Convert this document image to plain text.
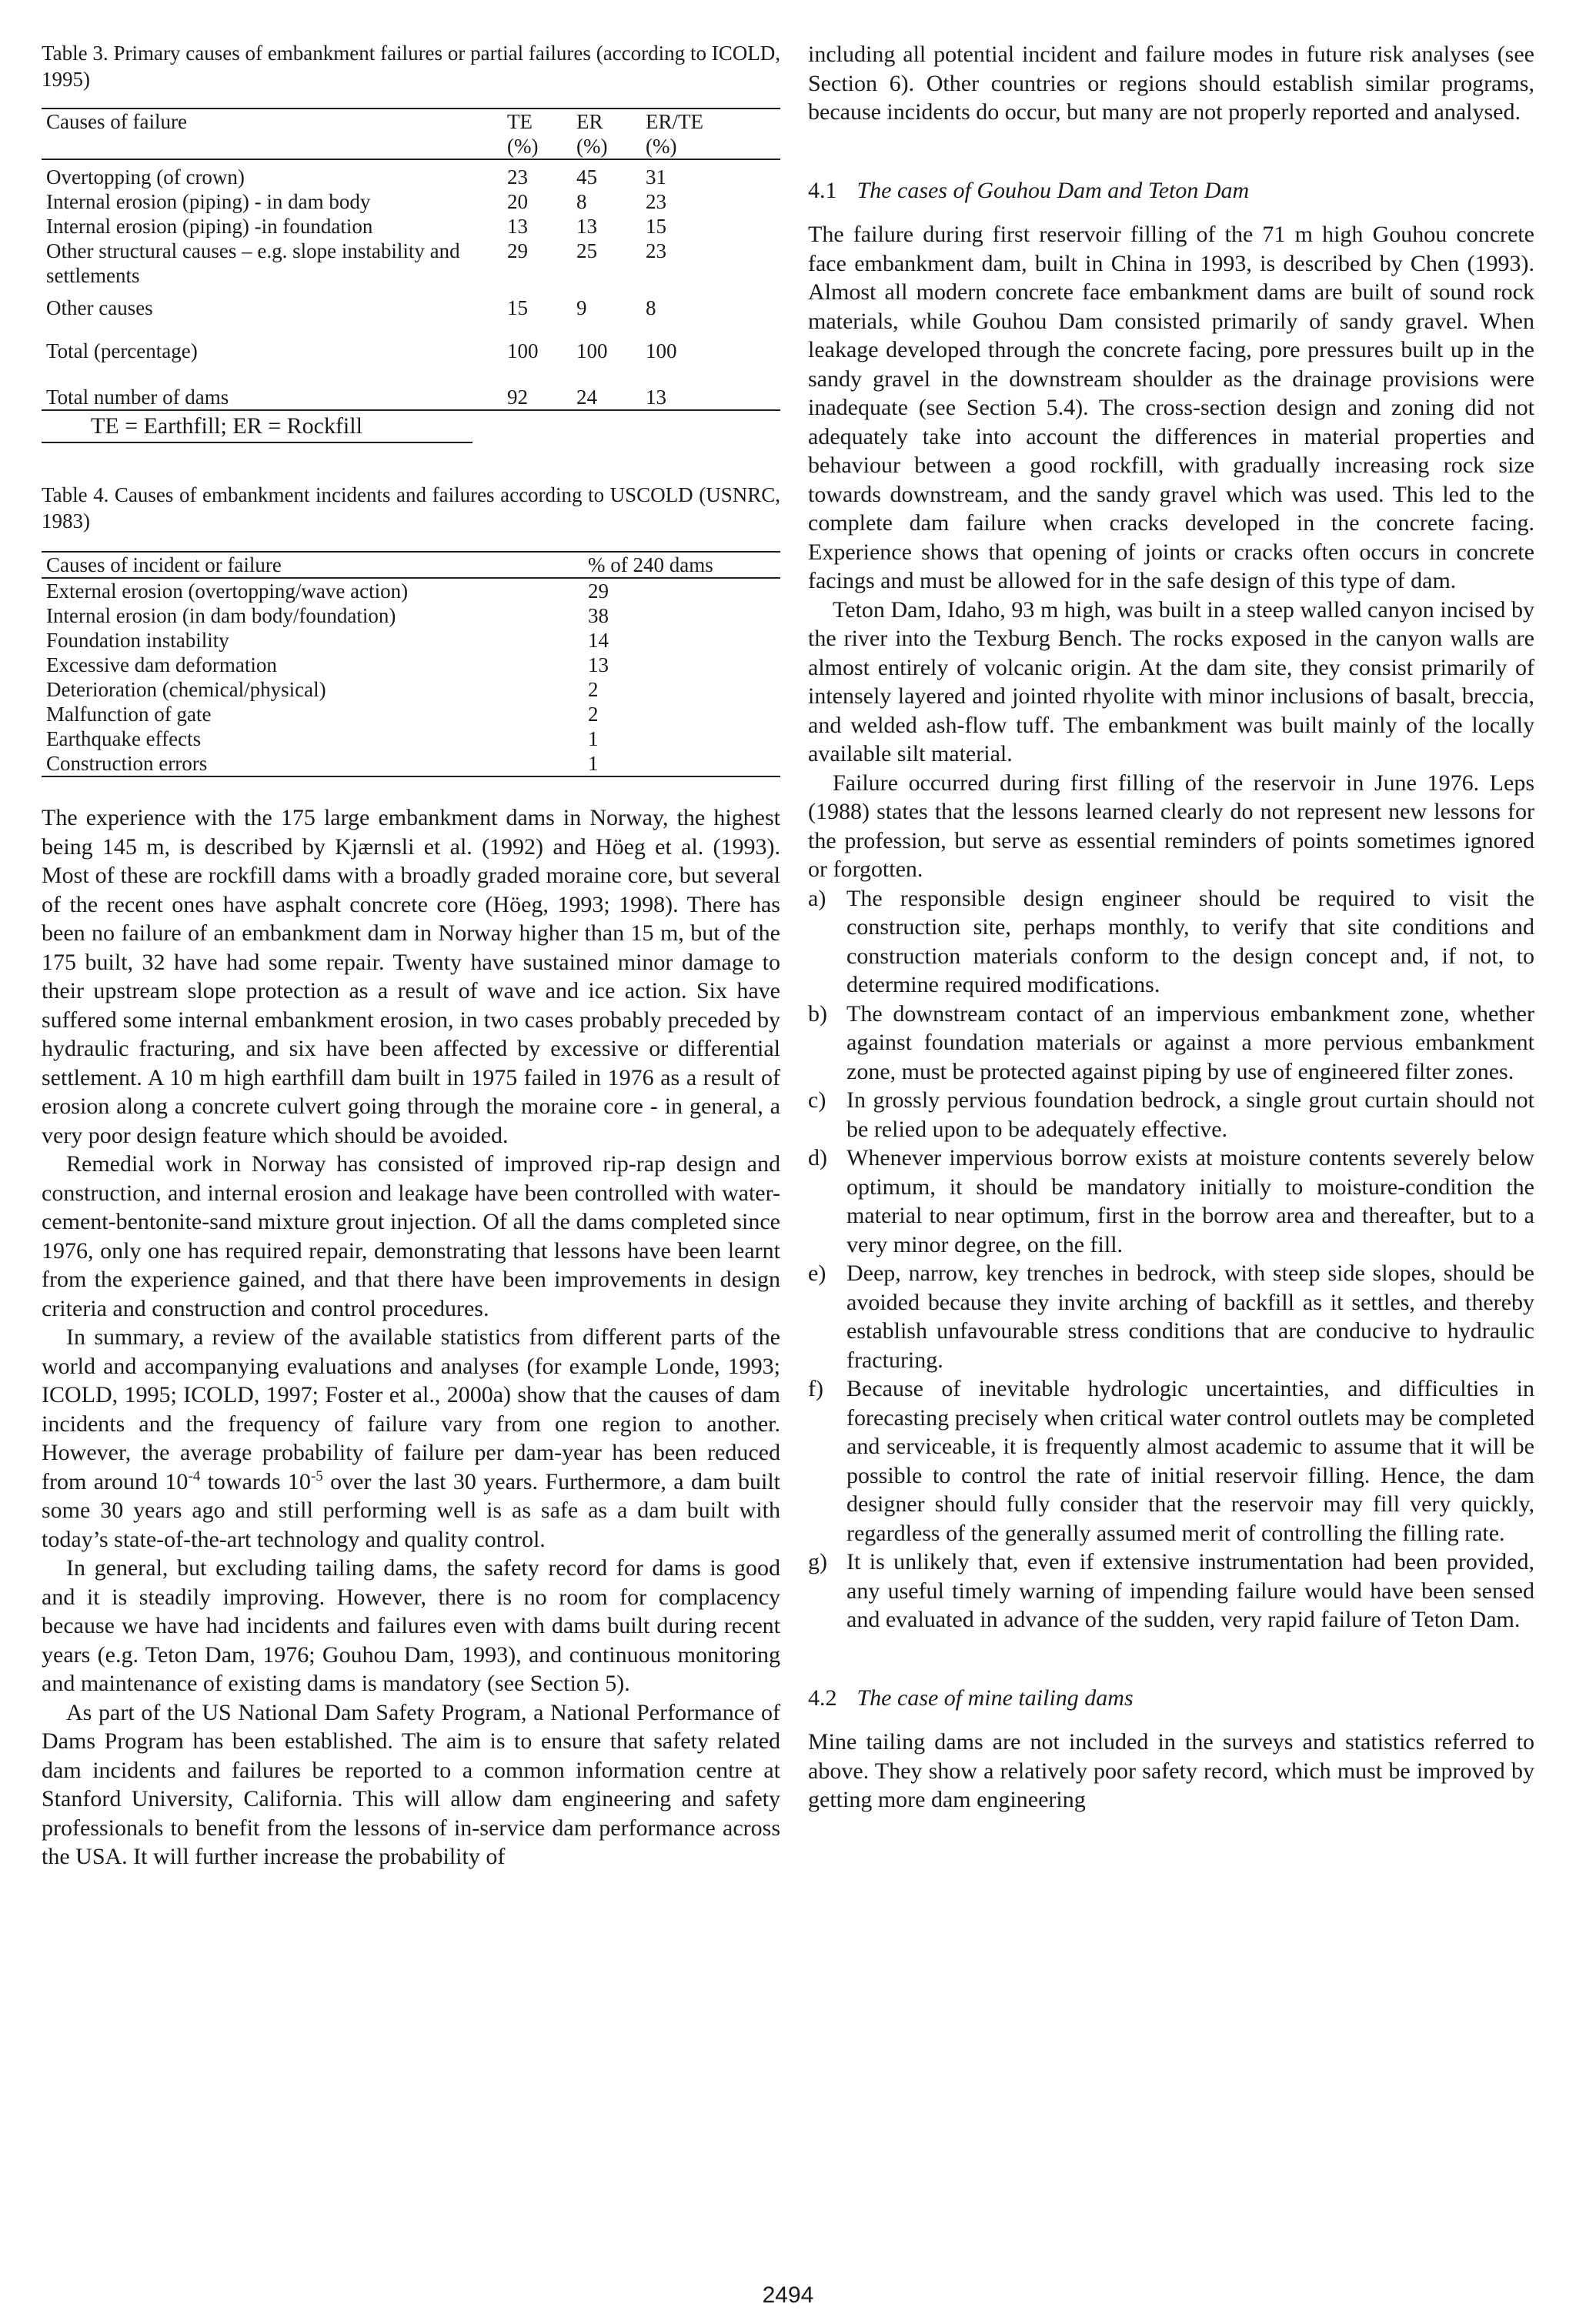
Table 3. Primary causes of embankment failures or partial failures (according to ICOLD, 1995)
Causes of failure	TE	ER	ER/TE
	(%)	(%)	(%)

Overtopping (of crown)	23	45	31
Internal erosion (piping) - in dam body	20	8	23
Internal erosion (piping) -in foundation	13	13	15
Other structural causes – e.g. slope instability and settlements	29	25	23

Other causes	15	9	8

Total (percentage)	100	100	100

Total number of dams	92	24	13
TE = Earthfill; ER = Rockfill
Table 4. Causes of embankment incidents and failures according to USCOLD (USNRC, 1983)
Causes of incident or failure	% of 240 dams
External erosion (overtopping/wave action)	29
Internal erosion (in dam body/foundation)	38
Foundation instability	14
Excessive dam deformation	13
Deterioration (chemical/physical)	2
Malfunction of gate	2
Earthquake effects	1
Construction errors	1

The experience with the 175 large embankment dams in Norway, the highest being 145 m, is described by Kjærnsli et al. (1992) and Höeg et al. (1993). Most of these are rockfill dams with a broadly graded moraine core, but several of the recent ones have asphalt concrete core (Höeg, 1993; 1998). There has been no failure of an embankment dam in Norway higher than 15 m, but of the 175 built, 32 have had some repair. Twenty have sustained minor damage to their upstream slope protection as a result of wave and ice action. Six have suffered some internal embankment erosion, in two cases probably preceded by hydraulic fracturing, and six have been affected by excessive or differential settlement. A 10 m high earthfill dam built in 1975 failed in 1976 as a result of erosion along a concrete culvert going through the moraine core - in general, a very poor design feature which should be avoided.

Remedial work in Norway has consisted of improved rip-rap design and construction, and internal erosion and leakage have been controlled with water-cement-bentonite-sand mixture grout injection. Of all the dams completed since 1976, only one has required repair, demonstrating that lessons have been learnt from the experience gained, and that there have been improvements in design criteria and construction and control procedures.

In summary, a review of the available statistics from different parts of the world and accompanying evaluations and analyses (for example Londe, 1993; ICOLD, 1995; ICOLD, 1997; Foster et al., 2000a) show that the causes of dam incidents and the frequency of failure vary from one region to another. However, the average probability of failure per dam-year has been reduced from around $10^{-4}$ towards $10^{-5}$ over the last 30 years. Furthermore, a dam built some 30 years ago and still performing well is as safe as a dam built with today’s state-of-the-art technology and quality control.

In general, but excluding tailing dams, the safety record for dams is good and it is steadily improving. However, there is no room for complacency because we have had incidents and failures even with dams built during recent years (e.g. Teton Dam, 1976; Gouhou Dam, 1993), and continuous monitoring and maintenance of existing dams is mandatory (see Section 5).

As part of the US National Dam Safety Program, a National Performance of Dams Program has been established. The aim is to ensure that safety related dam incidents and failures be reported to a common information centre at Stanford University, California. This will allow dam engineering and safety professionals to benefit from the lessons of in-service dam performance across the USA. It will further increase the probability of

including all potential incident and failure modes in future risk analyses (see Section 6). Other countries or regions should establish similar programs, because incidents do occur, but many are not properly reported and analysed.

4.1 The cases of Gouhou Dam and Teton Dam

The failure during first reservoir filling of the 71 m high Gouhou concrete face embankment dam, built in China in 1993, is described by Chen (1993). Almost all modern concrete face embankment dams are built of sound rock materials, while Gouhou Dam consisted primarily of sandy gravel. When leakage developed through the concrete facing, pore pressures built up in the sandy gravel in the downstream shoulder as the drainage provisions were inadequate (see Section 5.4). The cross-section design and zoning did not adequately take into account the differences in material properties and behaviour between a good rockfill, with gradually increasing rock size towards downstream, and the sandy gravel which was used. This led to the complete dam failure when cracks developed in the concrete facing. Experience shows that opening of joints or cracks often occurs in concrete facings and must be allowed for in the safe design of this type of dam.

Teton Dam, Idaho, 93 m high, was built in a steep walled canyon incised by the river into the Texburg Bench. The rocks exposed in the canyon walls are almost entirely of volcanic origin. At the dam site, they consist primarily of intensely layered and jointed rhyolite with minor inclusions of basalt, breccia, and welded ash-flow tuff. The embankment was built mainly of the locally available silt material.

Failure occurred during first filling of the reservoir in June 1976. Leps (1988) states that the lessons learned clearly do not represent new lessons for the profession, but serve as essential reminders of points sometimes ignored or forgotten.

a) The responsible design engineer should be required to visit the construction site, perhaps monthly, to verify that site conditions and construction materials conform to the design concept and, if not, to determine required modifications.
b) The downstream contact of an impervious embankment zone, whether against foundation materials or against a more pervious embankment zone, must be protected against piping by use of engineered filter zones.
c) In grossly pervious foundation bedrock, a single grout curtain should not be relied upon to be adequately effective.
d) Whenever impervious borrow exists at moisture contents severely below optimum, it should be mandatory initially to moisture-condition the material to near optimum, first in the borrow area and thereafter, but to a very minor degree, on the fill.
e) Deep, narrow, key trenches in bedrock, with steep side slopes, should be avoided because they invite arching of backfill as it settles, and thereby establish unfavourable stress conditions that are conducive to hydraulic fracturing.
f) Because of inevitable hydrologic uncertainties, and difficulties in forecasting precisely when critical water control outlets may be completed and serviceable, it is frequently almost academic to assume that it will be possible to control the rate of initial reservoir filling. Hence, the dam designer should fully consider that the reservoir may fill very quickly, regardless of the generally assumed merit of controlling the filling rate.
g) It is unlikely that, even if extensive instrumentation had been provided, any useful timely warning of impending failure would have been sensed and evaluated in advance of the sudden, very rapid failure of Teton Dam.
4.2 The case of mine tailing dams

Mine tailing dams are not included in the surveys and statistics referred to above. They show a relatively poor safety record, which must be improved by getting more dam engineering

2494
